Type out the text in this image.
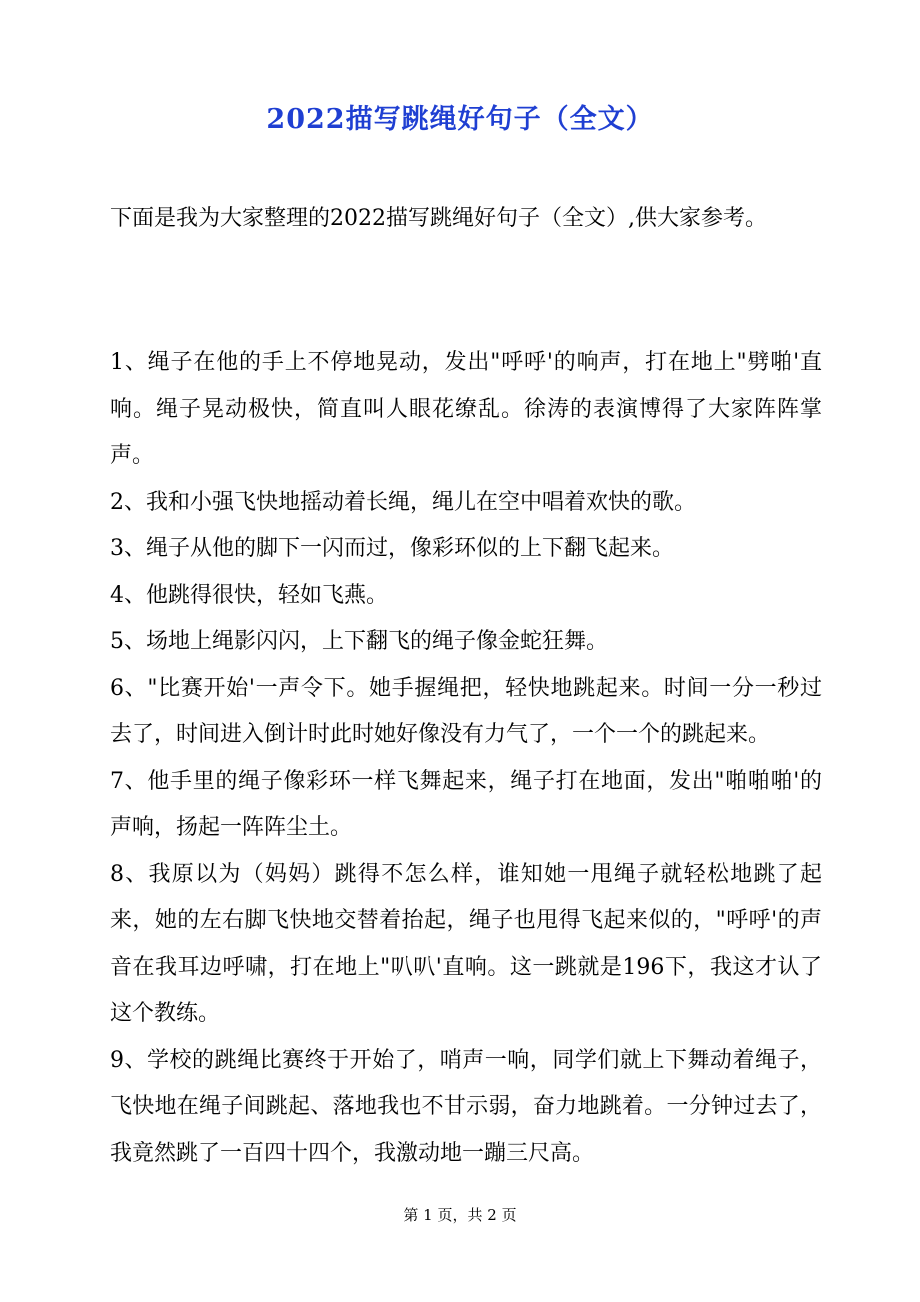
2022描写跳绳好句子（全文）
下面是我为大家整理的2022描写跳绳好句子（全文）,供大家参考。

1、绳子在他的手上不停地晃动，发出"呼呼'的响声，打在地上"劈啪'直响。绳子晃动极快，简直叫人眼花缭乱。徐涛的表演博得了大家阵阵掌声。

2、我和小强飞快地摇动着长绳，绳儿在空中唱着欢快的歌。

3、绳子从他的脚下一闪而过，像彩环似的上下翻飞起来。

4、他跳得很快，轻如飞燕。

5、场地上绳影闪闪，上下翻飞的绳子像金蛇狂舞。

6、"比赛开始'一声令下。她手握绳把，轻快地跳起来。时间一分一秒过去了，时间进入倒计时此时她好像没有力气了，一个一个的跳起来。

7、他手里的绳子像彩环一样飞舞起来，绳子打在地面，发出"啪啪啪'的声响，扬起一阵阵尘土。

8、我原以为（妈妈）跳得不怎么样，谁知她一甩绳子就轻松地跳了起来，她的左右脚飞快地交替着抬起，绳子也甩得飞起来似的，"呼呼'的声音在我耳边呼啸，打在地上"叭叭'直响。这一跳就是196下，我这才认了这个教练。

9、学校的跳绳比赛终于开始了，哨声一响，同学们就上下舞动着绳子，飞快地在绳子间跳起、落地我也不甘示弱，奋力地跳着。一分钟过去了，我竟然跳了一百四十四个，我激动地一蹦三尺高。

第 1 页，共 2 页
